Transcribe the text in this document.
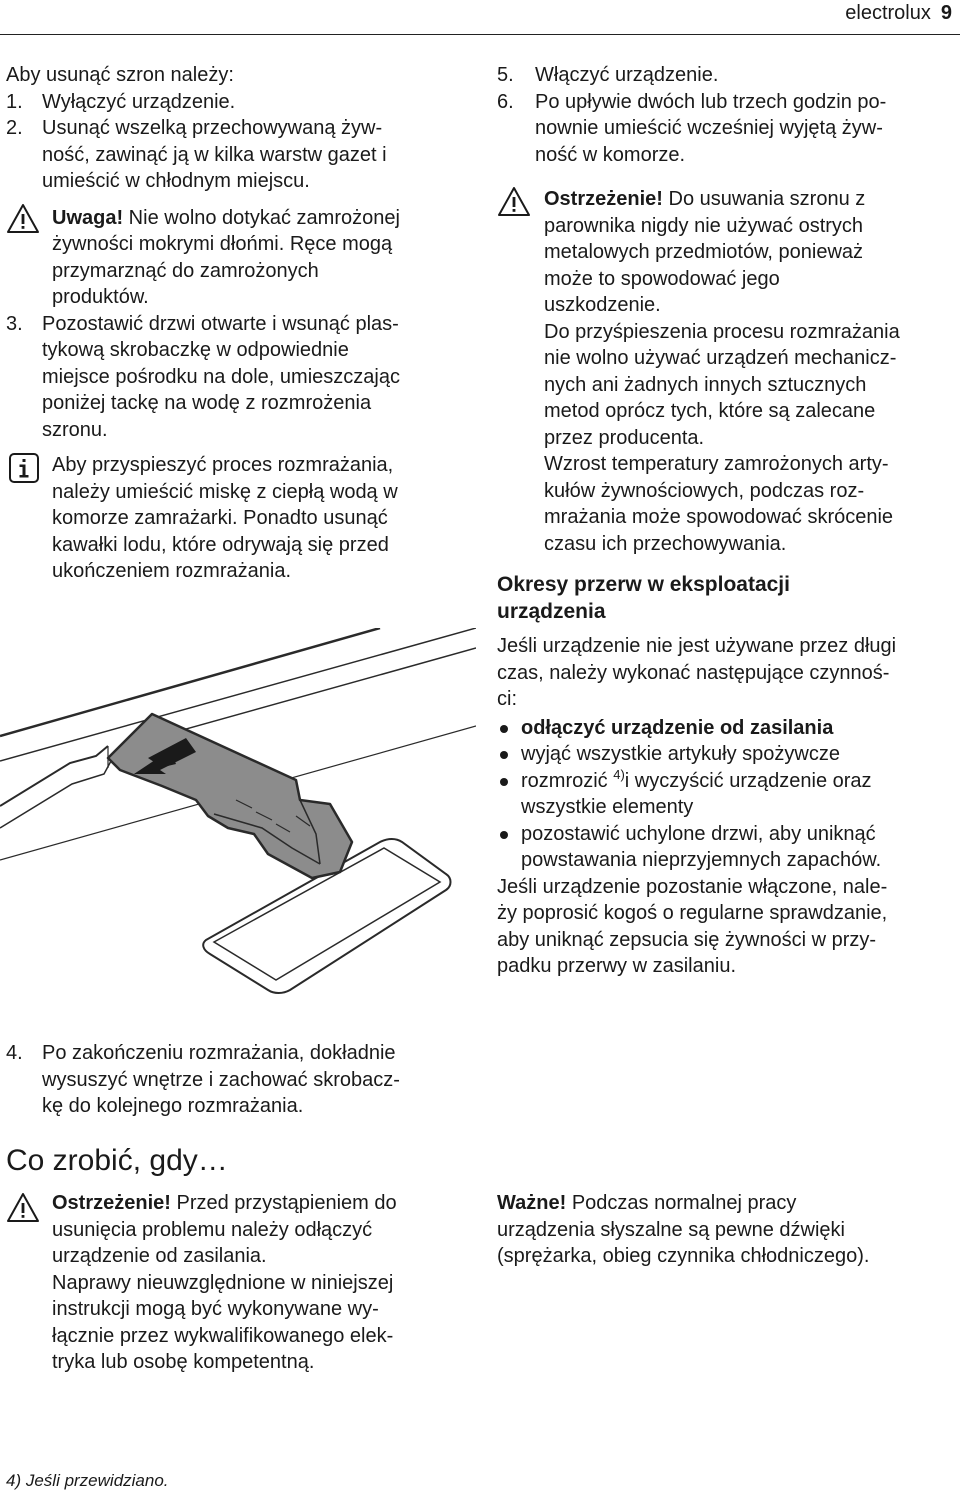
electrolux 9

Aby usunąć szron należy:

1. Wyłączyć urządzenie.
2. Usunąć wszelką przechowywaną żyw-
ność, zawinąć ją w kilka warstw gazet i
umieścić w chłodnym miejscu.
Uwaga! Nie wolno dotykać zamrożonej
żywności mokrymi dłońmi. Ręce mogą
przymarznąć do zamrożonych
produktów.
3. Pozostawić drzwi otwarte i wsunąć plas-
tykową skrobaczkę w odpowiednie
miejsce pośrodku na dole, umieszczając
poniżej tackę na wodę z rozmrożenia
szronu.
Aby przyspieszyć proces rozmrażania,
należy umieścić miskę z ciepłą wodą w
komorze zamrażarki. Ponadto usunąć
kawałki lodu, które odrywają się przed
ukończeniem rozmrażania.
4. Po zakończeniu rozmrażania, dokładnie
wysuszyć wnętrze i zachować skrobacz-
kę do kolejnego rozmrażania.
Co zrobić, gdy…
Ostrzeżenie! Przed przystąpieniem do
usunięcia problemu należy odłączyć
urządzenie od zasilania.
Naprawy nieuwzględnione w niniejszej
instrukcji mogą być wykonywane wy-
łącznie przez wykwalifikowanego elek-
tryka lub osobę kompetentną.
5. Włączyć urządzenie.
6. Po upływie dwóch lub trzech godzin po-
nownie umieścić wcześniej wyjętą żyw-
ność w komorze.
Ostrzeżenie! Do usuwania szronu z
parownika nigdy nie używać ostrych
metalowych przedmiotów, ponieważ
może to spowodować jego
uszkodzenie.
Do przyśpieszenia procesu rozmrażania
nie wolno używać urządzeń mechanicz-
nych ani żadnych innych sztucznych
metod oprócz tych, które są zalecane
przez producenta.
Wzrost temperatury zamrożonych arty-
kułów żywnościowych, podczas roz-
mrażania może spowodować skrócenie
czasu ich przechowywania.
Okresy przerw w eksploatacji
urządzenia
Jeśli urządzenie nie jest używane przez długi
czas, należy wykonać następujące czynnoś-
ci:
odłączyć urządzenie od zasilania
wyjąć wszystkie artykuły spożywcze
rozmrozić $^{4)}$i wyczyścić urządzenie oraz
wszystkie elementy
pozostawić uchylone drzwi, aby uniknąć
powstawania nieprzyjemnych zapachów.
Jeśli urządzenie pozostanie włączone, nale-
ży poprosić kogoś o regularne sprawdzanie,
aby uniknąć zepsucia się żywności w przy-
padku przerwy w zasilaniu.
Ważne! Podczas normalnej pracy
urządzenia słyszalne są pewne dźwięki
(sprężarka, obieg czynnika chłodniczego).
4) Jeśli przewidziano.
